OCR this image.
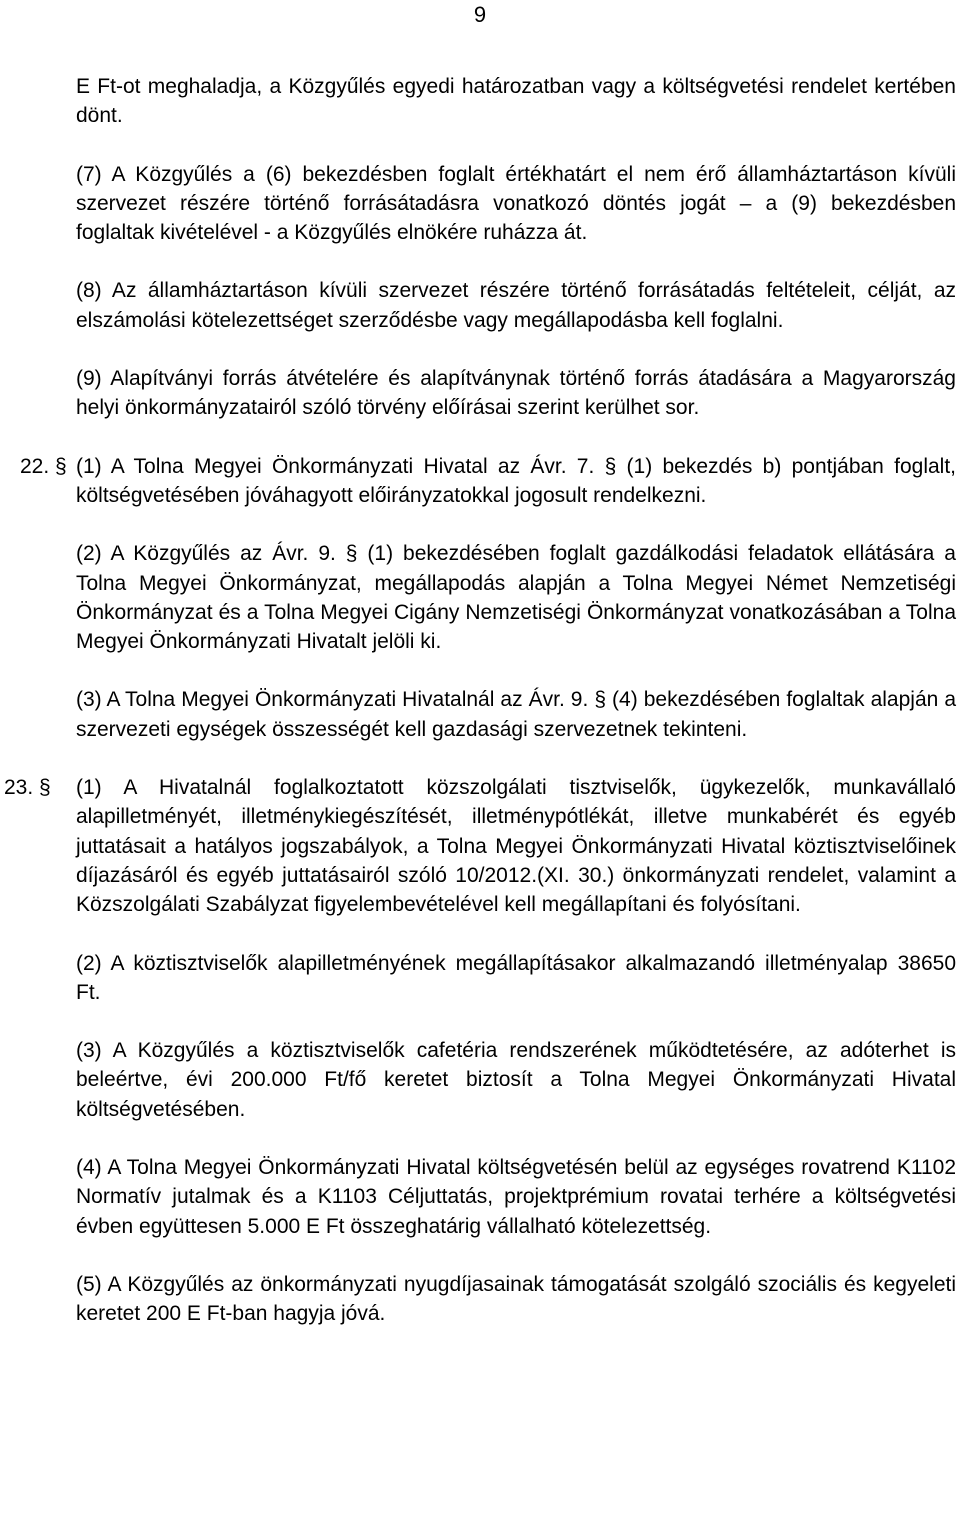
9

E Ft-ot meghaladja, a Közgyűlés egyedi határozatban vagy a költségvetési rendelet kertében dönt.

(7) A Közgyűlés a (6) bekezdésben foglalt értékhatárt el nem érő államháztartáson kívüli szervezet részére történő forrásátadásra vonatkozó döntés jogát – a (9) bekezdésben foglaltak kivételével - a Közgyűlés elnökére ruházza át.

(8) Az államháztartáson kívüli szervezet részére történő forrásátadás feltételeit, célját, az elszámolási kötelezettséget szerződésbe vagy megállapodásba kell foglalni.

(9) Alapítványi forrás átvételére és alapítványnak történő forrás átadására a Magyarország helyi önkormányzatairól szóló törvény előírásai szerint kerülhet sor.

22. § (1) A Tolna Megyei Önkormányzati Hivatal az Ávr. 7. § (1) bekezdés b) pontjában foglalt, költségvetésében jóváhagyott előirányzatokkal jogosult rendelkezni.

(2) A Közgyűlés az Ávr. 9. § (1) bekezdésében foglalt gazdálkodási feladatok ellátására a Tolna Megyei Önkormányzat, megállapodás alapján a Tolna Megyei Német Nemzetiségi Önkormányzat és a Tolna Megyei Cigány Nemzetiségi Önkormányzat vonatkozásában a Tolna Megyei Önkormányzati Hivatalt jelöli ki.

(3) A Tolna Megyei Önkormányzati Hivatalnál az Ávr. 9. § (4) bekezdésében foglaltak alapján a szervezeti egységek összességét kell gazdasági szervezetnek tekinteni.

23. §	(1) A Hivatalnál foglalkoztatott közszolgálati tisztviselők, ügykezelők, munkavállaló alapilletményét, illetménykiegészítését, illetménypótlékát, illetve munkabérét és egyéb juttatásait a hatályos jogszabályok, a Tolna Megyei Önkormányzati Hivatal köztisztviselőinek díjazásáról és egyéb juttatásairól szóló 10/2012.(XI. 30.) önkormányzati rendelet, valamint a Közszolgálati Szabályzat figyelembevételével kell megállapítani és folyósítani.

(2) A köztisztviselők alapilletményének megállapításakor alkalmazandó illetményalap 38650 Ft.

(3) A Közgyűlés a köztisztviselők cafetéria rendszerének működtetésére, az adóterhet is beleértve, évi 200.000 Ft/fő keretet biztosít a Tolna Megyei Önkormányzati Hivatal költségvetésében.

(4) A Tolna Megyei Önkormányzati Hivatal költségvetésén belül az egységes rovatrend K1102 Normatív jutalmak és a K1103 Céljuttatás, projektprémium rovatai terhére a költségvetési évben együttesen 5.000 E Ft összeghatárig vállalható kötelezettség.

(5) A Közgyűlés az önkormányzati nyugdíjasainak támogatását szolgáló szociális és kegyeleti keretet 200 E Ft-ban hagyja jóvá.
